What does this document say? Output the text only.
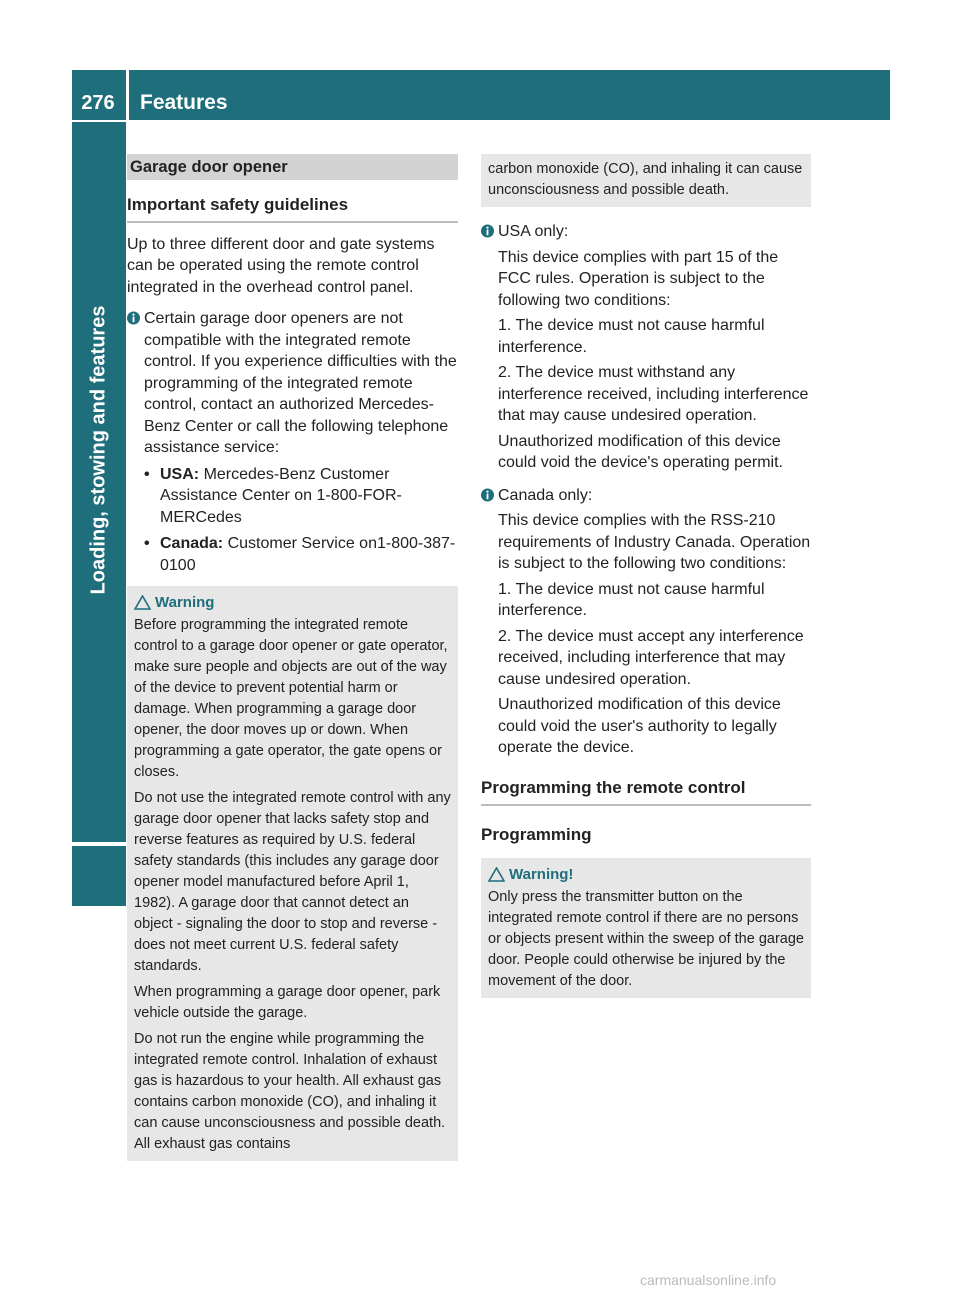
276	Features
Loading, stowing and features
Garage door opener
Important safety guidelines

Up to three different door and gate systems can be operated using the remote control integrated in the overhead control panel.

Certain garage door openers are not compatible with the integrated remote control. If you experience difficulties with the programming of the integrated remote control, contact an authorized Mercedes-Benz Center or call the following telephone assistance service:
• USA: Mercedes-Benz Customer Assistance Center on 1-800-FOR-MERCedes
• Canada: Customer Service on1-800-387-0100
Warning

Before programming the integrated remote control to a garage door opener or gate operator, make sure people and objects are out of the way of the device to prevent potential harm or damage. When programming a garage door opener, the door moves up or down. When programming a gate operator, the gate opens or closes.

Do not use the integrated remote control with any garage door opener that lacks safety stop and reverse features as required by U.S. federal safety standards (this includes any garage door opener model manufactured before April 1, 1982). A garage door that cannot detect an object - signaling the door to stop and reverse - does not meet current U.S. federal safety standards.

When programming a garage door opener, park vehicle outside the garage.

Do not run the engine while programming the integrated remote control. Inhalation of exhaust gas is hazardous to your health. All exhaust gas contains carbon monoxide (CO), and inhaling it can cause unconsciousness and possible death. All exhaust gas contains

carbon monoxide (CO), and inhaling it can cause unconsciousness and possible death.

USA only:
This device complies with part 15 of the FCC rules. Operation is subject to the following two conditions:
1. The device must not cause harmful interference.
2. The device must withstand any interference received, including interference that may cause undesired operation.
Unauthorized modification of this device could void the device's operating permit.
Canada only:
This device complies with the RSS-210 requirements of Industry Canada. Operation is subject to the following two conditions:
1. The device must not cause harmful interference.
2. The device must accept any interference received, including interference that may cause undesired operation.
Unauthorized modification of this device could void the user's authority to legally operate the device.
Programming the remote control
Programming
Warning!

Only press the transmitter button on the integrated remote control if there are no persons or objects present within the sweep of the garage door. People could otherwise be injured by the movement of the door.

carmanualsonline.info
